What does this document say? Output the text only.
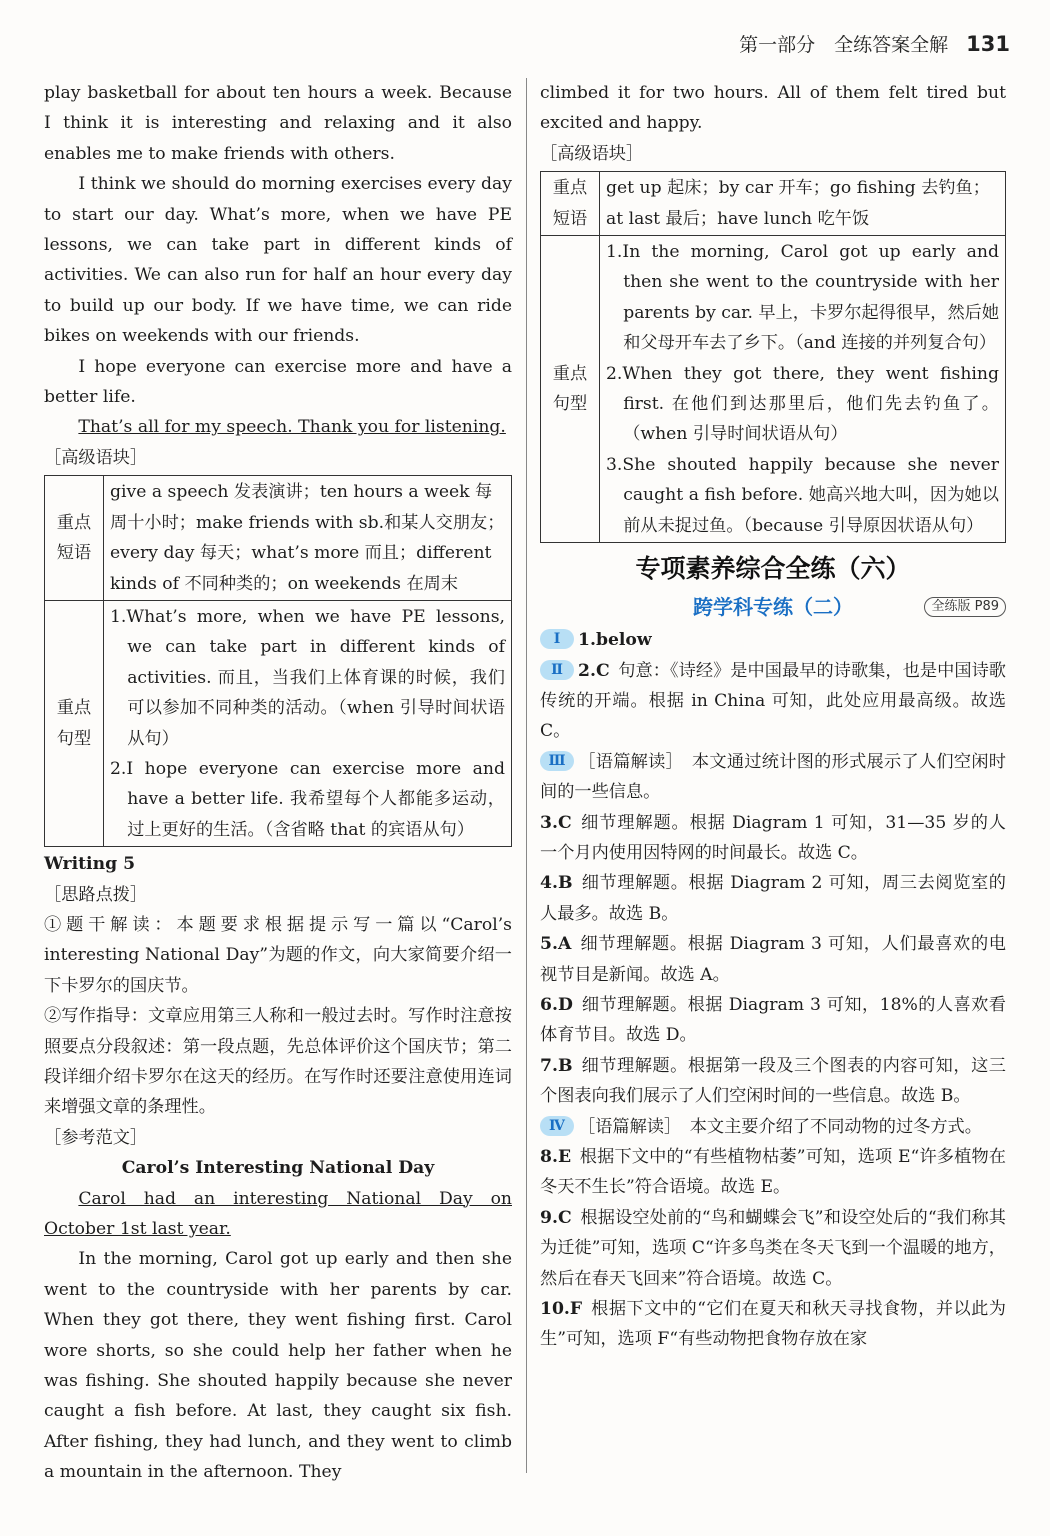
第一部分　全练答案全解 131

play basketball for about ten hours a week. Because I think it is interesting and relaxing and it also enables me to make friends with others.

I think we should do morning exercises every day to start our day. What’s more, when we have PE lessons, we can take part in different kinds of activities. We can also run for half an hour every day to build up our body. If we have time, we can ride bikes on weekends with our friends.

I hope everyone can exercise more and have a better life.

That’s all for my speech. Thank you for listening.

［高级语块］

重点短语	give a speech 发表演讲；ten hours a week 每周十小时；make friends with sb.和某人交朋友；every day 每天；what’s more 而且；different kinds of 不同种类的；on weekends 在周末
重点句型	1.What’s more, when we have PE lessons, we can take part in different kinds of activities. 而且，当我们上体育课的时候，我们可以参加不同种类的活动。（when 引导时间状语从句）

2.I hope everyone can exercise more and have a better life. 我希望每个人都能多运动，过上更好的生活。（含省略 that 的宾语从句）

Writing 5

［思路点拨］

①题干解读：本题要求根据提示写一篇以“Carol’s interesting National Day”为题的作文，向大家简要介绍一下卡罗尔的国庆节。

②写作指导：文章应用第三人称和一般过去时。写作时注意按照要点分段叙述：第一段点题，先总体评价这个国庆节；第二段详细介绍卡罗尔在这天的经历。在写作时还要注意使用连词来增强文章的条理性。

［参考范文］

Carol’s Interesting National Day

Carol had an interesting National Day on October 1st last year.

In the morning, Carol got up early and then she went to the countryside with her parents by car. When they got there, they went fishing first. Carol wore shorts, so she could help her father when he was fishing. She shouted happily because she never caught a fish before. At last, they caught six fish. After fishing, they had lunch, and they went to climb a mountain in the afternoon. They

climbed it for two hours. All of them felt tired but excited and happy.

［高级语块］

重点短语	get up 起床；by car 开车；go fishing 去钓鱼；at last 最后；have lunch 吃午饭
重点句型	1.In the morning, Carol got up early and then she went to the countryside with her parents by car. 早上，卡罗尔起得很早，然后她和父母开车去了乡下。（and 连接的并列复合句）

2.When they got there, they went fishing first. 在他们到达那里后，他们先去钓鱼了。（when 引导时间状语从句）

3.She shouted happily because she never caught a fish before. 她高兴地大叫，因为她以前从未捉过鱼。（because 引导原因状语从句）

专项素养综合全练（六）
跨学科专练（二）	全练版 P89

Ⅰ 1.below 

Ⅱ 2.C  句意：《诗经》是中国最早的诗歌集，也是中国诗歌传统的开端。根据 in China 可知，此处应用最高级。故选 C。

Ⅲ ［语篇解读］　本文通过统计图的形式展示了人们空闲时间的一些信息。

3.C  细节理解题。根据 Diagram 1 可知，31—35 岁的人一个月内使用因特网的时间最长。故选 C。

4.B  细节理解题。根据 Diagram 2 可知，周三去阅览室的人最多。故选 B。

5.A  细节理解题。根据 Diagram 3 可知，人们最喜欢的电视节目是新闻。故选 A。

6.D  细节理解题。根据 Diagram 3 可知，18%的人喜欢看体育节目。故选 D。

7.B  细节理解题。根据第一段及三个图表的内容可知，这三个图表向我们展示了人们空闲时间的一些信息。故选 B。

Ⅳ ［语篇解读］　本文主要介绍了不同动物的过冬方式。

8.E  根据下文中的“有些植物枯萎”可知，选项 E“许多植物在冬天不生长”符合语境。故选 E。

9.C  根据设空处前的“鸟和蝴蝶会飞”和设空处后的“我们称其为迁徙”可知，选项 C“许多鸟类在冬天飞到一个温暖的地方，然后在春天飞回来”符合语境。故选 C。

10.F  根据下文中的“它们在夏天和秋天寻找食物，并以此为生”可知，选项 F“有些动物把食物存放在家
